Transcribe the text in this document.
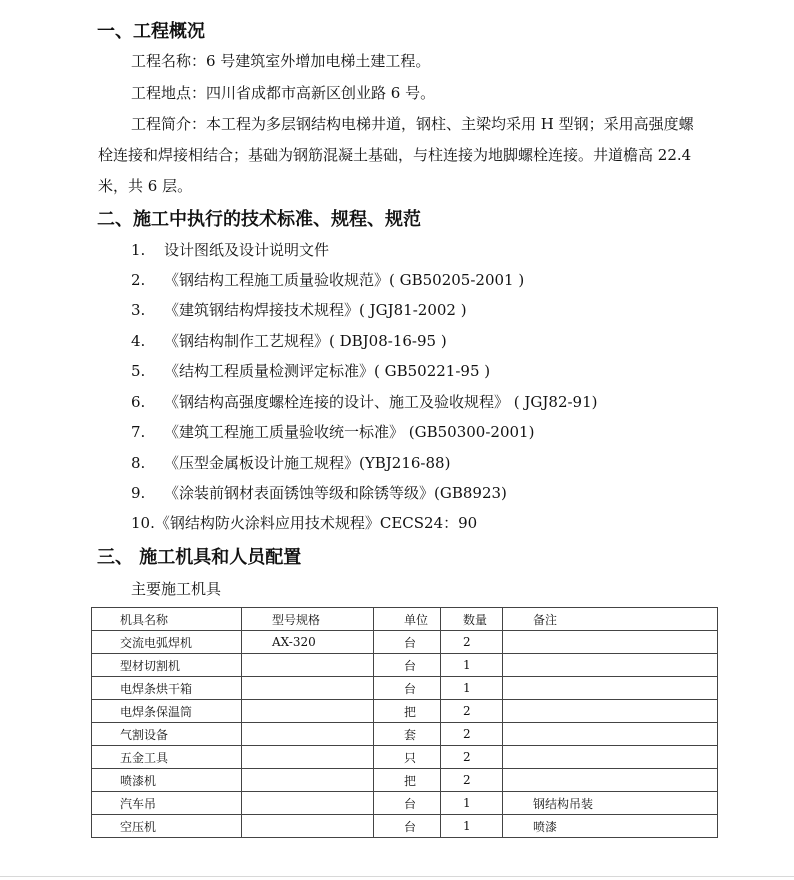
一、工程概况
工程名称：6 号建筑室外增加电梯土建工程。
工程地点：四川省成都市高新区创业路 6 号。
工程简介：本工程为多层钢结构电梯井道，钢柱、主梁均采用 H 型钢；采用高强度螺
栓连接和焊接相结合；基础为钢筋混凝土基础，与柱连接为地脚螺栓连接。井道檐高 22.4
米，共 6 层。
二、施工中执行的技术标准、规程、规范
1. 设计图纸及设计说明文件
2. 《钢结构工程施工质量验收规范》( GB50205-2001 )
3. 《建筑钢结构焊接技术规程》( JGJ81-2002 )
4. 《钢结构制作工艺规程》( DBJ08-16-95 )
5. 《结构工程质量检测评定标准》( GB50221-95 )
6. 《钢结构高强度螺栓连接的设计、施工及验收规程》 ( JGJ82-91)
7. 《建筑工程施工质量验收统一标准》 (GB50300-2001)
8. 《压型金属板设计施工规程》(YBJ216-88)
9. 《涂装前钢材表面锈蚀等级和除锈等级》(GB8923)
10.《钢结构防火涂料应用技术规程》CECS24：90
三、 施工机具和人员配置
主要施工机具
机具名称	型号规格	单位	数量	备注
交流电弧焊机	AX-320	台	2	
型材切割机		台	1	
电焊条烘干箱		台	1	
电焊条保温筒		把	2	
气割设备		套	2	
五金工具		只	2	
喷漆机		把	2	
汽车吊		台	1	钢结构吊装
空压机		台	1	喷漆
